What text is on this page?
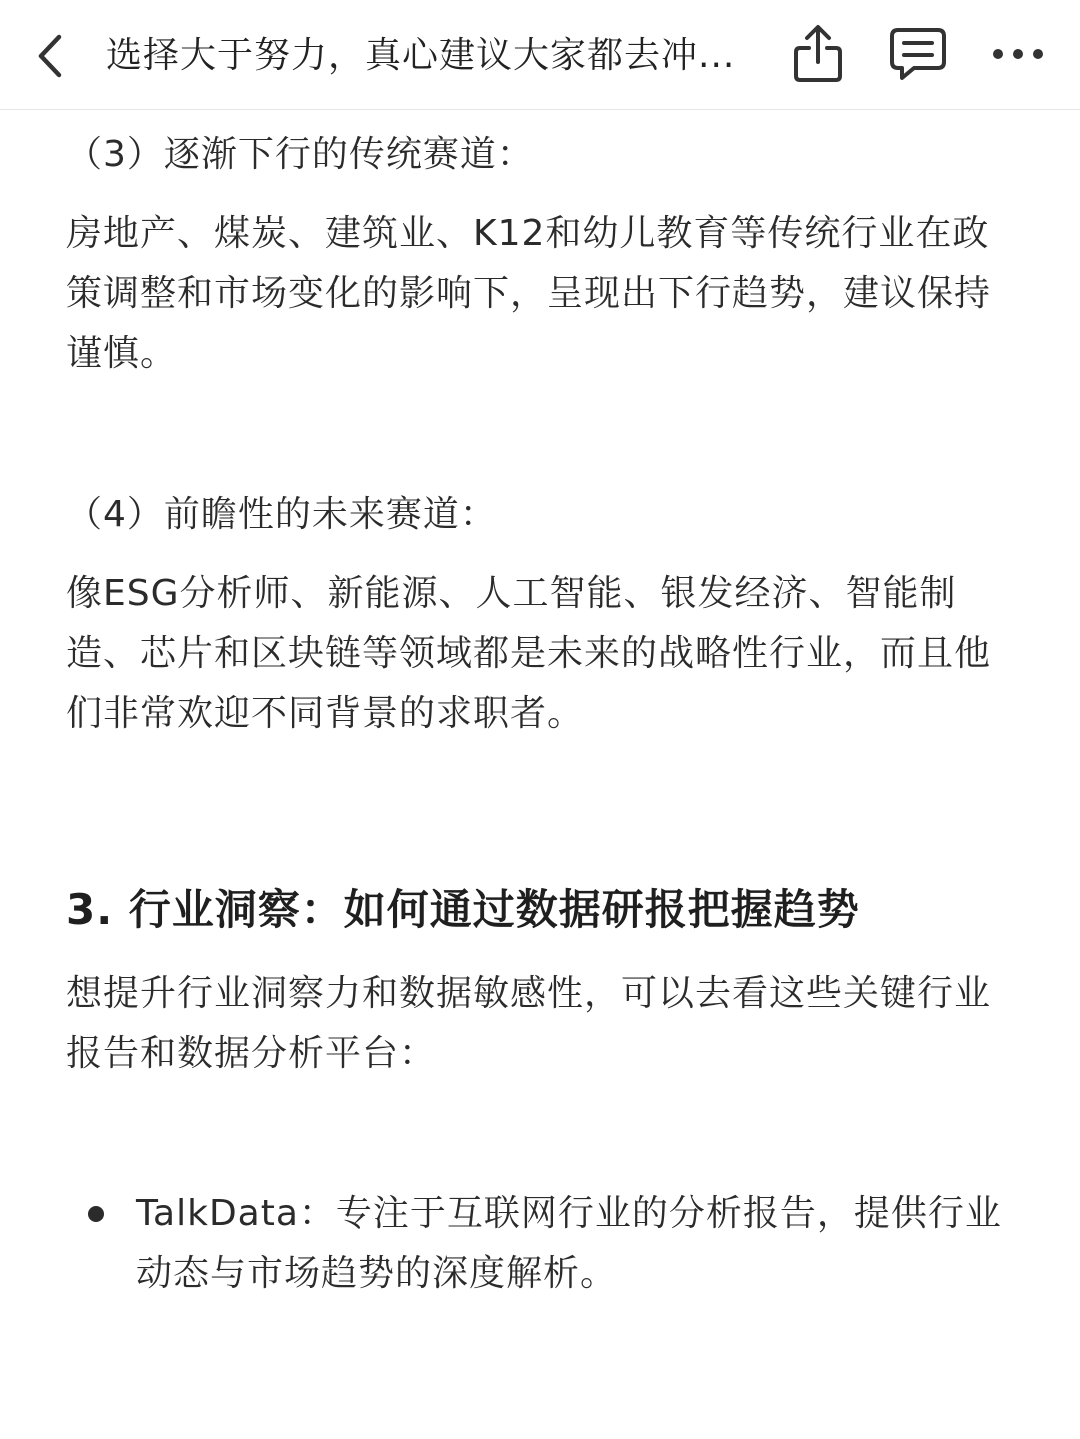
选择大于努力，真心建议大家都去冲...
（3）逐渐下行的传统赛道：
房地产、煤炭、建筑业、K12和幼儿教育等传统行业在政策调整和市场变化的影响下，呈现出下行趋势，建议保持谨慎。
（4）前瞻性的未来赛道：
像ESG分析师、新能源、人工智能、银发经济、智能制造、芯片和区块链等领域都是未来的战略性行业，而且他们非常欢迎不同背景的求职者。
3. 行业洞察：如何通过数据研报把握趋势
想提升行业洞察力和数据敏感性，可以去看这些关键行业报告和数据分析平台：
TalkData：专注于互联网行业的分析报告，提供行业动态与市场趋势的深度解析。
